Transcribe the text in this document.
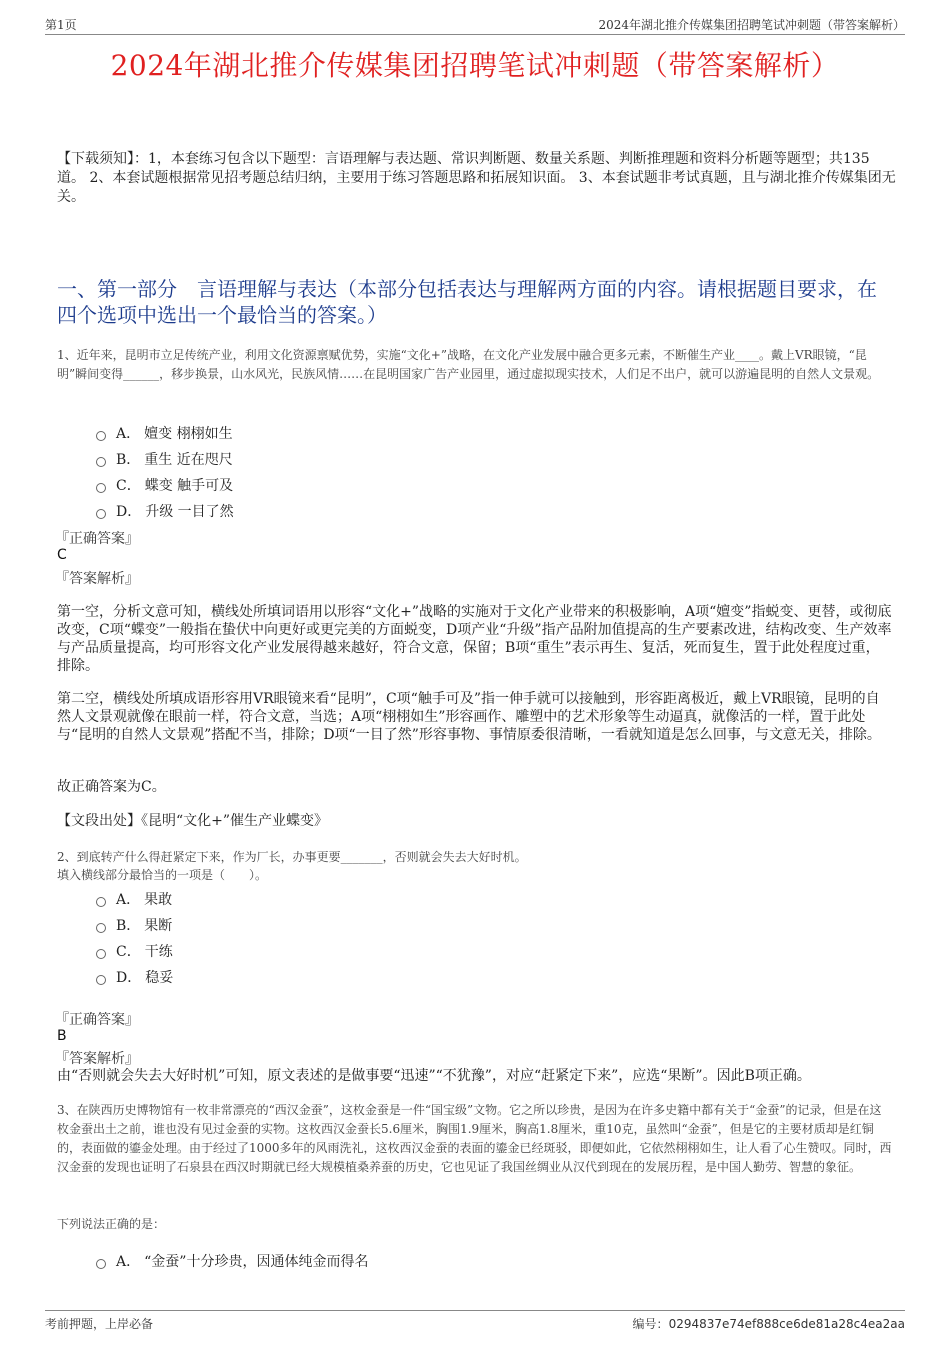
第1页	2024年湖北推介传媒集团招聘笔试冲刺题（带答案解析）
2024年湖北推介传媒集团招聘笔试冲刺题（带答案解析）
【下载须知】：1，本套练习包含以下题型：言语理解与表达题、常识判断题、数量关系题、判断推理题和资料分析题等题型；共135道。 2、本套试题根据常见招考题总结归纳，主要用于练习答题思路和拓展知识面。 3、本套试题非考试真题，且与湖北推介传媒集团无关。
一、第一部分　言语理解与表达（本部分包括表达与理解两方面的内容。请根据题目要求，在四个选项中选出一个最恰当的答案。）
1、近年来，昆明市立足传统产业，利用文化资源禀赋优势，实施“文化+”战略，在文化产业发展中融合更多元素，不断催生产业____。戴上VR眼镜，“昆明”瞬间变得______，移步换景，山水风光，民族风情……在昆明国家广告产业园里，通过虚拟现实技术，人们足不出户，就可以游遍昆明的自然人文景观。
A． 嬗变 栩栩如生
B． 重生 近在咫尺
C． 蝶变 触手可及
D． 升级 一目了然
『正确答案』
C
『答案解析』
第一空，分析文意可知，横线处所填词语用以形容“文化+”战略的实施对于文化产业带来的积极影响，A项“嬗变”指蜕变、更替，或彻底改变，C项“蝶变”一般指在蛰伏中向更好或更完美的方面蜕变，D项产业“升级”指产品附加值提高的生产要素改进，结构改变、生产效率与产品质量提高，均可形容文化产业发展得越来越好，符合文意，保留；B项“重生”表示再生、复活，死而复生，置于此处程度过重，排除。
第二空，横线处所填成语形容用VR眼镜来看“昆明”，C项“触手可及”指一伸手就可以接触到，形容距离极近，戴上VR眼镜，昆明的自然人文景观就像在眼前一样，符合文意，当选；A项“栩栩如生”形容画作、雕塑中的艺术形象等生动逼真，就像活的一样，置于此处与“昆明的自然人文景观”搭配不当，排除；D项“一目了然”形容事物、事情原委很清晰，一看就知道是怎么回事，与文意无关，排除。
故正确答案为C。
【文段出处】《昆明“文化+”催生产业蝶变》
2、到底转产什么得赶紧定下来，作为厂长，办事更要_______，否则就会失去大好时机。
填入横线部分最恰当的一项是（　　）。
A． 果敢
B． 果断
C． 干练
D． 稳妥
『正确答案』
B
『答案解析』
由“否则就会失去大好时机”可知，原文表述的是做事要“迅速”“不犹豫”，对应“赶紧定下来”，应选“果断”。因此B项正确。
3、在陕西历史博物馆有一枚非常漂亮的“西汉金蚕”，这枚金蚕是一件“国宝级”文物。它之所以珍贵，是因为在许多史籍中都有关于“金蚕”的记录，但是在这枚金蚕出土之前，谁也没有见过金蚕的实物。这枚西汉金蚕长5.6厘米，胸围1.9厘米，胸高1.8厘米，重10克，虽然叫“金蚕”，但是它的主要材质却是红铜的，表面做的鎏金处理。由于经过了1000多年的风雨洗礼，这枚西汉金蚕的表面的鎏金已经斑驳，即便如此，它依然栩栩如生，让人看了心生赞叹。同时，西汉金蚕的发现也证明了石泉县在西汉时期就已经大规模植桑养蚕的历史，它也见证了我国丝绸业从汉代到现在的发展历程，是中国人勤劳、智慧的象征。
下列说法正确的是：
A． “金蚕”十分珍贵，因通体纯金而得名
考前押题，上岸必备	编号：0294837e74ef888ce6de81a28c4ea2aa
